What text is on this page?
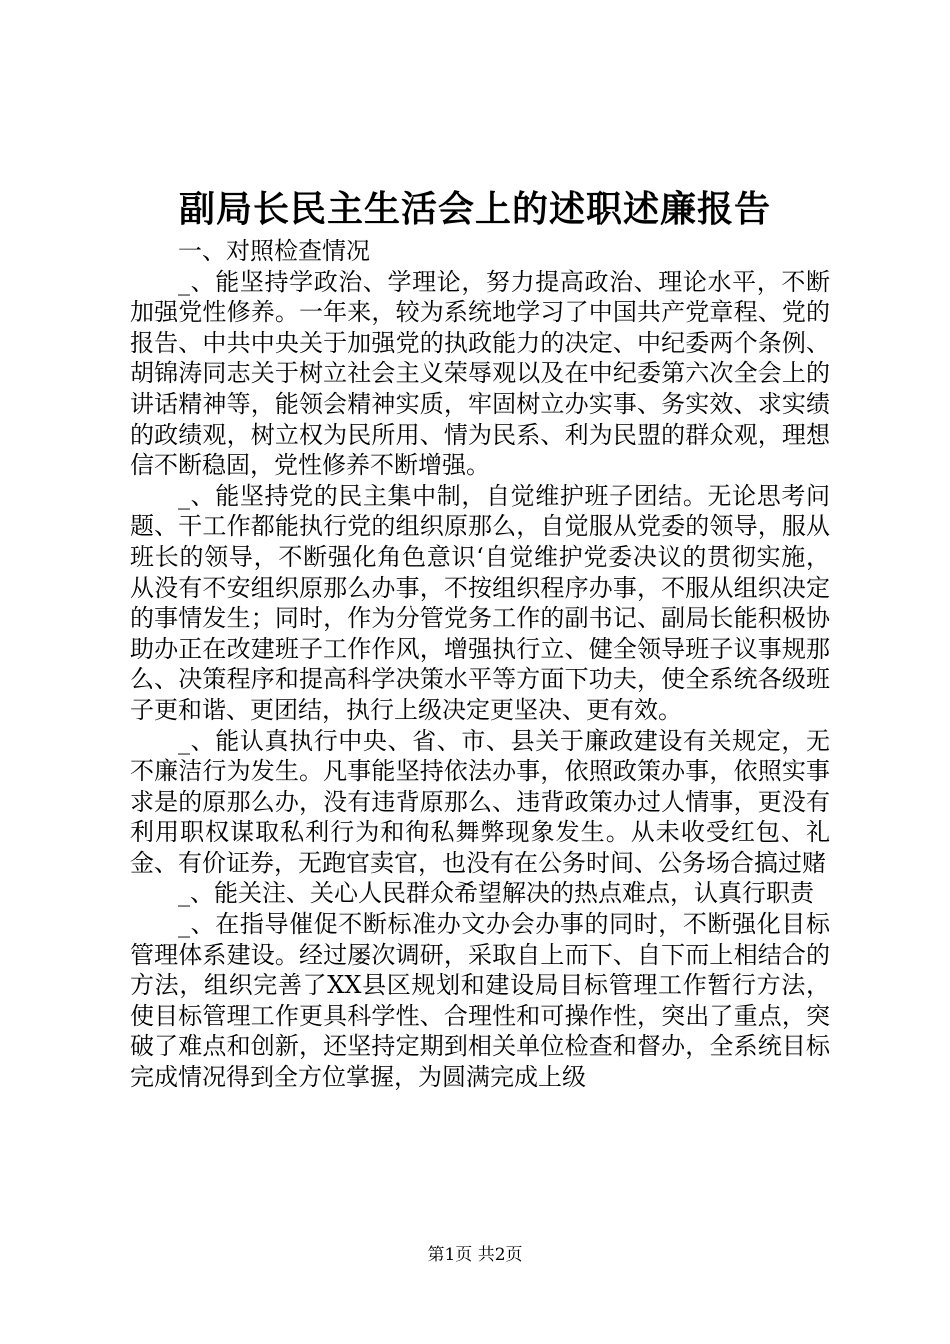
副局长民主生活会上的述职述廉报告

一、对照检查情况

_、能坚持学政治、学理论，努力提高政治、理论水平，不断加强党性修养。一年来，较为系统地学习了中国共产党章程、党的报告、中共中央关于加强党的执政能力的决定、中纪委两个条例、胡锦涛同志关于树立社会主义荣辱观以及在中纪委第六次全会上的讲话精神等，能领会精神实质，牢固树立办实事、务实效、求实绩的政绩观，树立权为民所用、情为民系、利为民盟的群众观，理想信不断稳固，党性修养不断增强。

_、能坚持党的民主集中制，自觉维护班子团结。无论思考问题、干工作都能执行党的组织原那么，自觉服从党委的领导，服从班长的领导，不断强化角色意识‘自觉维护党委决议的贯彻实施，从没有不安组织原那么办事，不按组织程序办事，不服从组织决定的事情发生；同时，作为分管党务工作的副书记、副局长能积极协助办正在改建班子工作作风，增强执行立、健全领导班子议事规那么、决策程序和提高科学决策水平等方面下功夫，使全系统各级班子更和谐、更团结，执行上级决定更坚决、更有效。

_、能认真执行中央、省、市、县关于廉政建设有关规定，无不廉洁行为发生。凡事能坚持依法办事，依照政策办事，依照实事求是的原那么办，没有违背原那么、违背政策办过人情事，更没有利用职权谋取私利行为和徇私舞弊现象发生。从未收受红包、礼金、有价证券，无跑官卖官，也没有在公务时间、公务场合搞过赌

_、能关注、关心人民群众希望解决的热点难点，认真行职责

_、在指导催促不断标准办文办会办事的同时，不断强化目标管理体系建设。经过屡次调研，采取自上而下、自下而上相结合的方法，组织完善了XX县区规划和建设局目标管理工作暂行方法，使目标管理工作更具科学性、合理性和可操作性，突出了重点，突破了难点和创新，还坚持定期到相关单位检查和督办，全系统目标完成情况得到全方位掌握，为圆满完成上级

第1页 共2页
